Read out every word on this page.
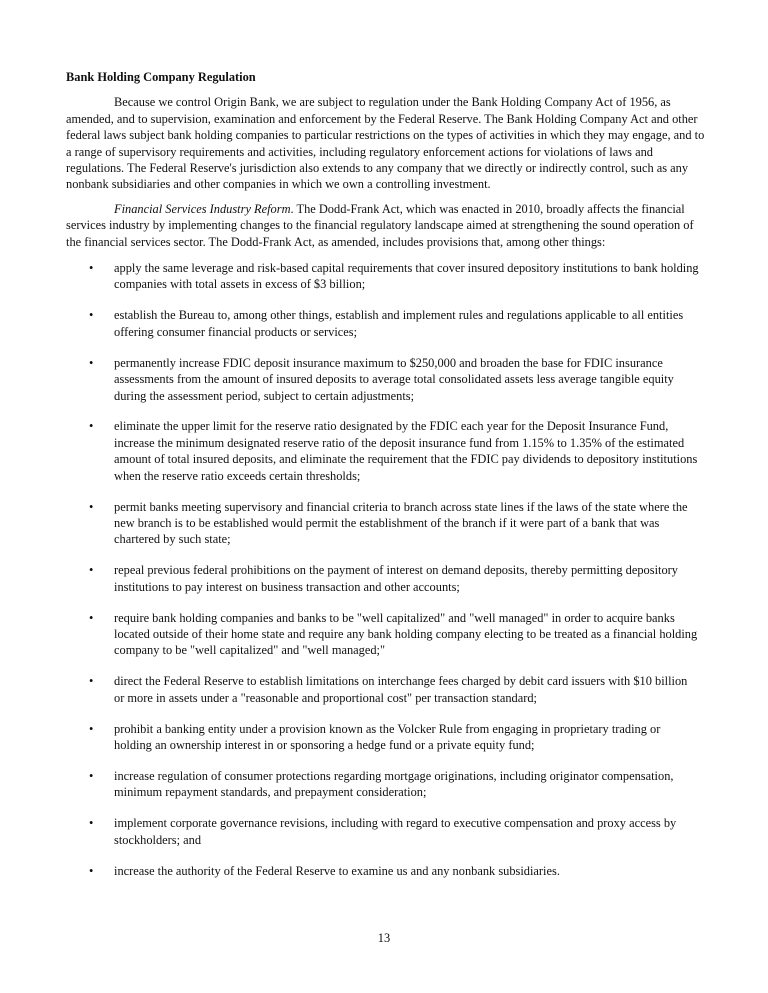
Bank Holding Company Regulation

Because we control Origin Bank, we are subject to regulation under the Bank Holding Company Act of 1956, as amended, and to supervision, examination and enforcement by the Federal Reserve. The Bank Holding Company Act and other federal laws subject bank holding companies to particular restrictions on the types of activities in which they may engage, and to a range of supervisory requirements and activities, including regulatory enforcement actions for violations of laws and regulations. The Federal Reserve's jurisdiction also extends to any company that we directly or indirectly control, such as any nonbank subsidiaries and other companies in which we own a controlling investment.

Financial Services Industry Reform. The Dodd-Frank Act, which was enacted in 2010, broadly affects the financial services industry by implementing changes to the financial regulatory landscape aimed at strengthening the sound operation of the financial services sector. The Dodd-Frank Act, as amended, includes provisions that, among other things:

• apply the same leverage and risk-based capital requirements that cover insured depository institutions to bank holding companies with total assets in excess of $3 billion;
• establish the Bureau to, among other things, establish and implement rules and regulations applicable to all entities offering consumer financial products or services;
• permanently increase FDIC deposit insurance maximum to $250,000 and broaden the base for FDIC insurance assessments from the amount of insured deposits to average total consolidated assets less average tangible equity during the assessment period, subject to certain adjustments;
• eliminate the upper limit for the reserve ratio designated by the FDIC each year for the Deposit Insurance Fund, increase the minimum designated reserve ratio of the deposit insurance fund from 1.15% to 1.35% of the estimated amount of total insured deposits, and eliminate the requirement that the FDIC pay dividends to depository institutions when the reserve ratio exceeds certain thresholds;
• permit banks meeting supervisory and financial criteria to branch across state lines if the laws of the state where the new branch is to be established would permit the establishment of the branch if it were part of a bank that was chartered by such state;
• repeal previous federal prohibitions on the payment of interest on demand deposits, thereby permitting depository institutions to pay interest on business transaction and other accounts;
• require bank holding companies and banks to be "well capitalized" and "well managed" in order to acquire banks located outside of their home state and require any bank holding company electing to be treated as a financial holding company to be "well capitalized" and "well managed;"
• direct the Federal Reserve to establish limitations on interchange fees charged by debit card issuers with $10 billion or more in assets under a "reasonable and proportional cost" per transaction standard;
• prohibit a banking entity under a provision known as the Volcker Rule from engaging in proprietary trading or holding an ownership interest in or sponsoring a hedge fund or a private equity fund;
• increase regulation of consumer protections regarding mortgage originations, including originator compensation, minimum repayment standards, and prepayment consideration;
• implement corporate governance revisions, including with regard to executive compensation and proxy access by stockholders; and
• increase the authority of the Federal Reserve to examine us and any nonbank subsidiaries.
13
